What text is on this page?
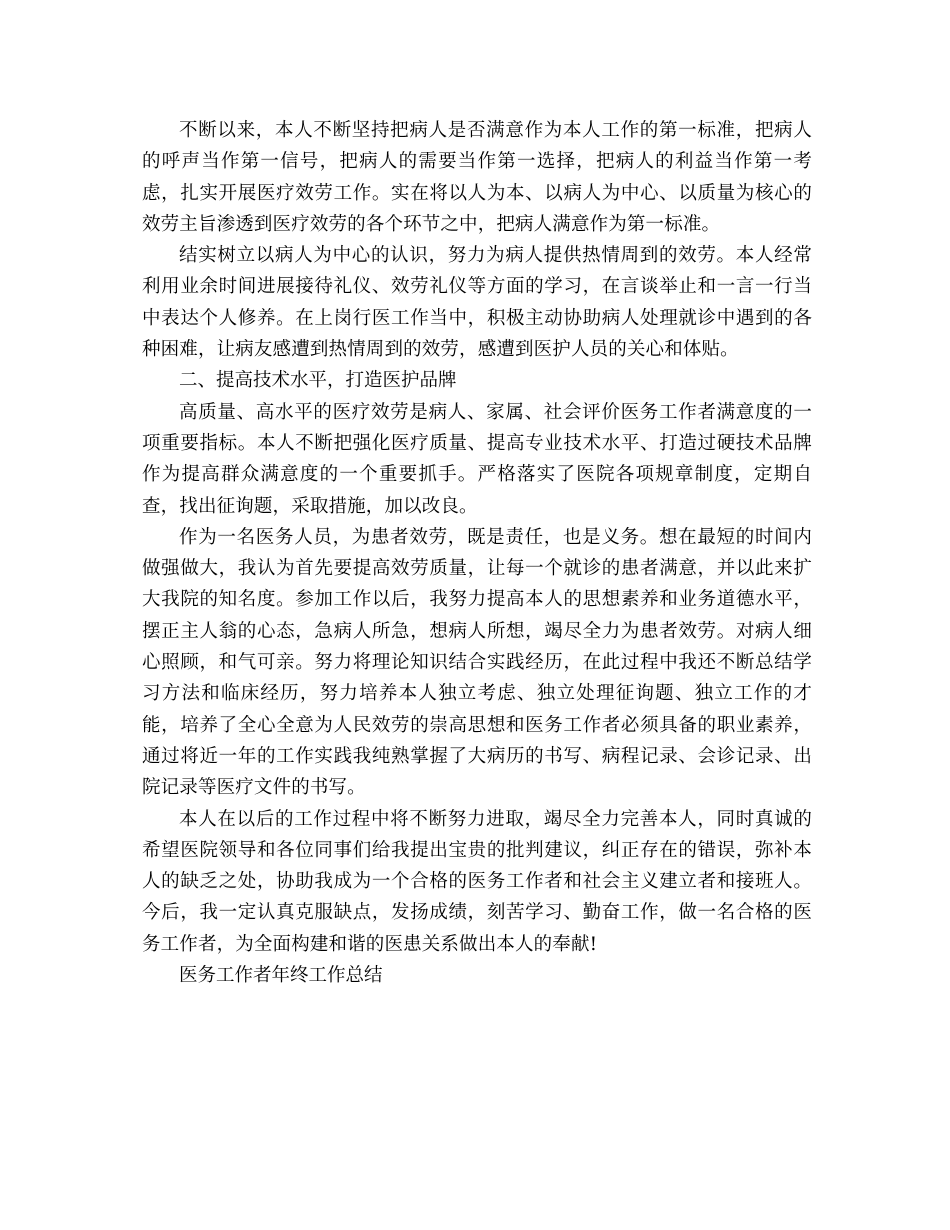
不断以来，本人不断坚持把病人是否满意作为本人工作的第一标准，把病人的呼声当作第一信号，把病人的需要当作第一选择，把病人的利益当作第一考虑，扎实开展医疗效劳工作。实在将以人为本、以病人为中心、以质量为核心的效劳主旨渗透到医疗效劳的各个环节之中，把病人满意作为第一标准。

结实树立以病人为中心的认识，努力为病人提供热情周到的效劳。本人经常利用业余时间进展接待礼仪、效劳礼仪等方面的学习，在言谈举止和一言一行当中表达个人修养。在上岗行医工作当中，积极主动协助病人处理就诊中遇到的各种困难，让病友感遭到热情周到的效劳，感遭到医护人员的关心和体贴。

二、提高技术水平，打造医护品牌

高质量、高水平的医疗效劳是病人、家属、社会评价医务工作者满意度的一项重要指标。本人不断把强化医疗质量、提高专业技术水平、打造过硬技术品牌作为提高群众满意度的一个重要抓手。严格落实了医院各项规章制度，定期自查，找出征询题，采取措施，加以改良。

作为一名医务人员，为患者效劳，既是责任，也是义务。想在最短的时间内做强做大，我认为首先要提高效劳质量，让每一个就诊的患者满意，并以此来扩大我院的知名度。参加工作以后，我努力提高本人的思想素养和业务道德水平，摆正主人翁的心态，急病人所急，想病人所想，竭尽全力为患者效劳。对病人细心照顾，和气可亲。努力将理论知识结合实践经历，在此过程中我还不断总结学习方法和临床经历，努力培养本人独立考虑、独立处理征询题、独立工作的才能，培养了全心全意为人民效劳的崇高思想和医务工作者必须具备的职业素养，通过将近一年的工作实践我纯熟掌握了大病历的书写、病程记录、会诊记录、出院记录等医疗文件的书写。

本人在以后的工作过程中将不断努力进取，竭尽全力完善本人，同时真诚的希望医院领导和各位同事们给我提出宝贵的批判建议，纠正存在的错误，弥补本人的缺乏之处，协助我成为一个合格的医务工作者和社会主义建立者和接班人。今后，我一定认真克服缺点，发扬成绩，刻苦学习、勤奋工作，做一名合格的医务工作者，为全面构建和谐的医患关系做出本人的奉献!

医务工作者年终工作总结
